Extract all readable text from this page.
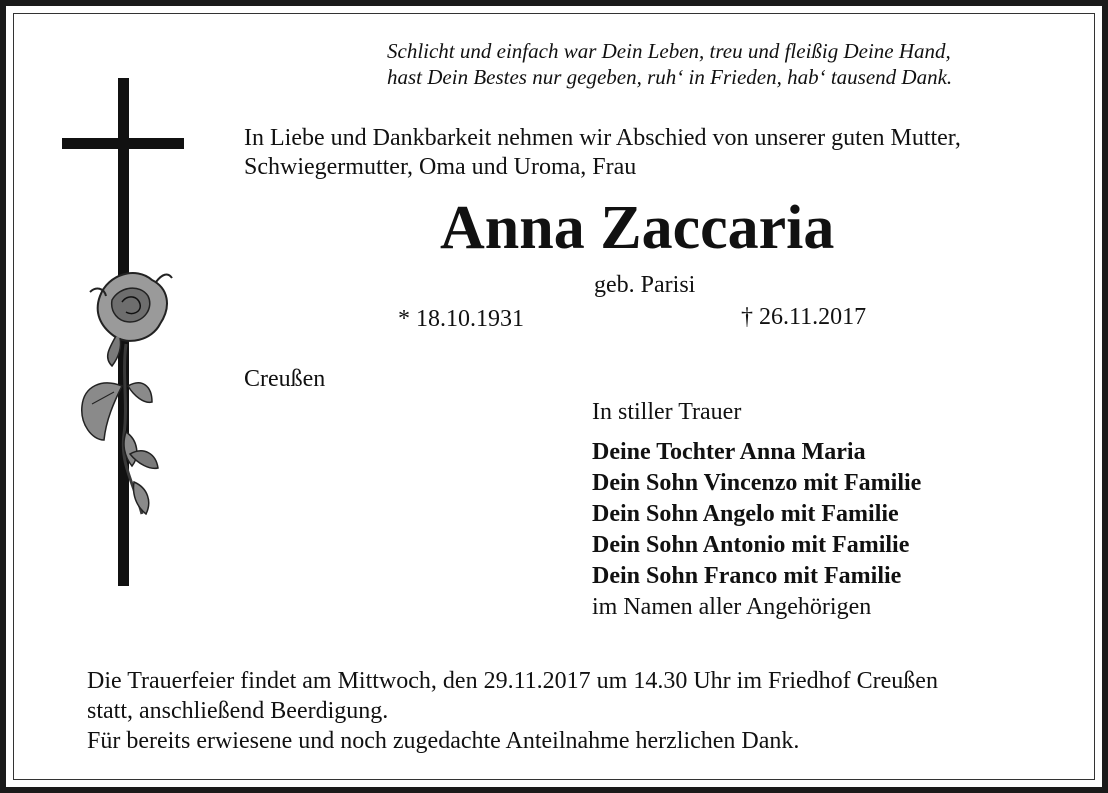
Schlicht und einfach war Dein Leben, treu und fleißig Deine Hand,
hast Dein Bestes nur gegeben, ruh‘ in Frieden, hab‘ tausend Dank.
In Liebe und Dankbarkeit nehmen wir Abschied von unserer guten Mutter,
Schwiegermutter, Oma und Uroma, Frau
Anna Zaccaria
geb. Parisi
* 18.10.1931	† 26.11.2017
Creußen
In stiller Trauer
Deine Tochter Anna Maria
Dein Sohn Vincenzo mit Familie
Dein Sohn Angelo mit Familie
Dein Sohn Antonio mit Familie
Dein Sohn Franco mit Familie
im Namen aller Angehörigen
Die Trauerfeier findet am Mittwoch, den 29.11.2017 um 14.30 Uhr im Friedhof Creußen
statt, anschließend Beerdigung.
Für bereits erwiesene und noch zugedachte Anteilnahme herzlichen Dank.
